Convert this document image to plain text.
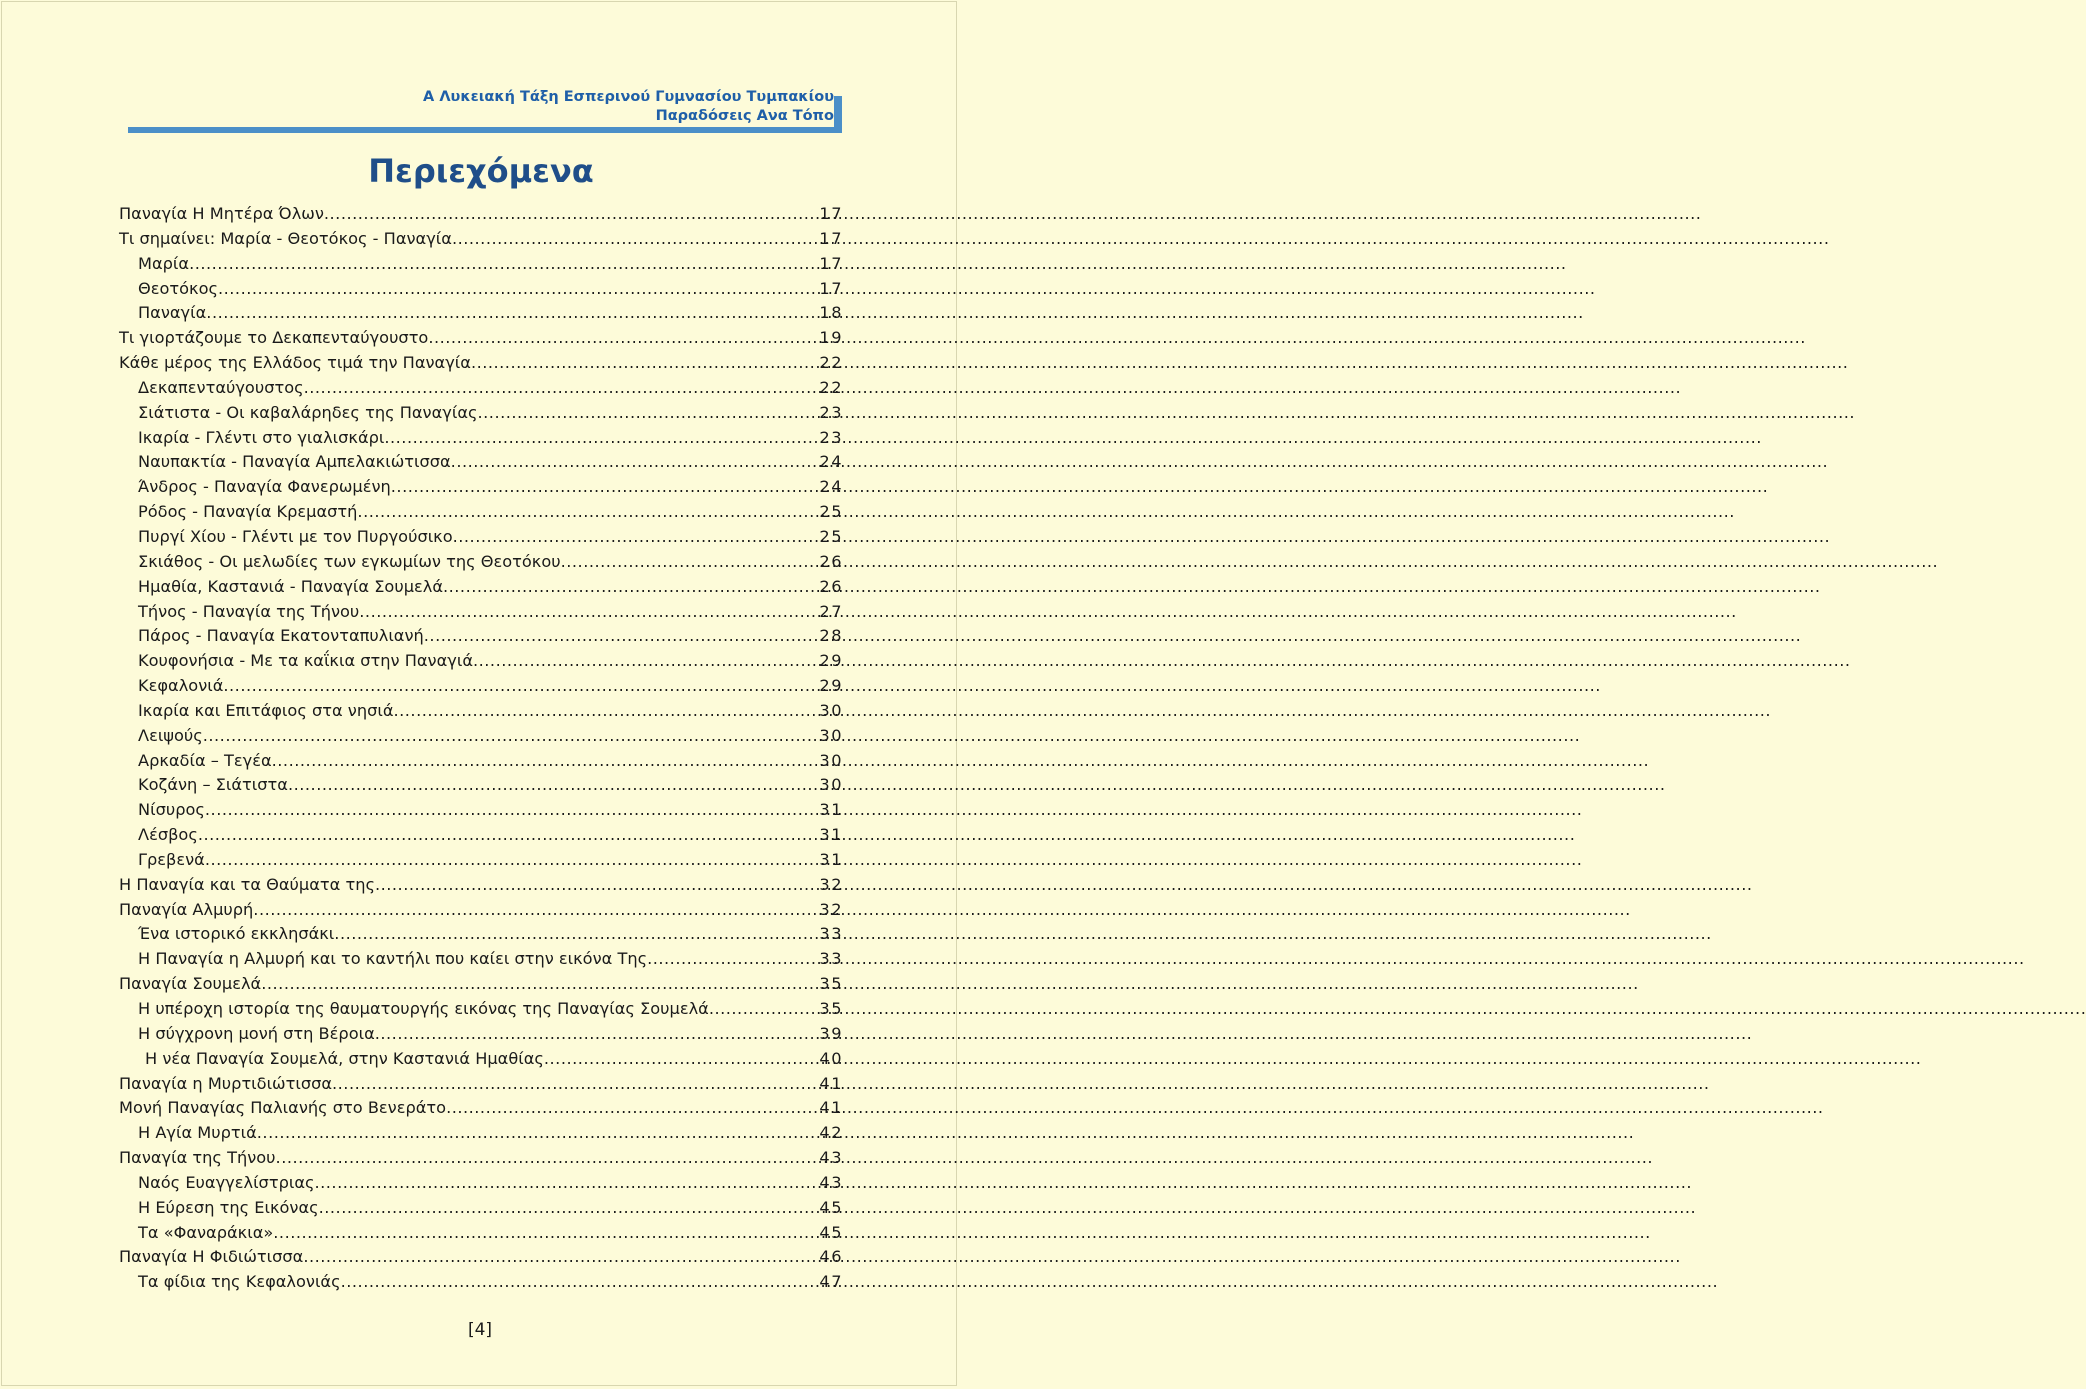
Α Λυκειακή Τάξη Εσπερινού Γυμνασίου Τυμπακίου
Παραδόσεις Ανα Τόπο
Περιεχόμενα
Παναγία Η Μητέρα Όλων .....	17
Τι σημαίνει: Μαρία - Θεοτόκος - Παναγία .....	17
Μαρία .....	17
Θεοτόκος .....	17
Παναγία .....	18
Τι γιορτάζουμε το Δεκαπενταύγουστο .....	19
Κάθε μέρος της Ελλάδος τιμά την Παναγία .....	22
Δεκαπενταύγουστος .....	22
Σιάτιστα - Οι καβαλάρηδες της Παναγίας .....	23
Ικαρία - Γλέντι στο γιαλισκάρι .....	23
Ναυπακτία - Παναγία Αμπελακιώτισσα .....	24
Άνδρος - Παναγία Φανερωμένη .....	24
Ρόδος - Παναγία Κρεμαστή .....	25
Πυργί Χίου - Γλέντι με τον Πυργούσικο .....	25
Σκιάθος - Οι μελωδίες των εγκωμίων της Θεοτόκου .....	26
Ημαθία, Καστανιά - Παναγία Σουμελά .....	26
Τήνος - Παναγία της Τήνου .....	27
Πάρος - Παναγία Εκατονταπυλιανή .....	28
Κουφονήσια - Με τα καΐκια στην Παναγιά .....	29
Κεφαλονιά .....	29
Ικαρία και Επιτάφιος στα νησιά .....	30
Λειψούς .....	30
Αρκαδία – Τεγέα .....	30
Κοζάνη – Σιάτιστα .....	30
Νίσυρος .....	31
Λέσβος .....	31
Γρεβενά .....	31
Η Παναγία και τα Θαύματα της .....	32
Παναγία Αλμυρή .....	32
Ένα ιστορικό εκκλησάκι .....	33
Η Παναγία η Αλμυρή και το καντήλι που καίει στην εικόνα Της .....	33
Παναγία Σουμελά .....	35
Η υπέροχη ιστορία της θαυματουργής εικόνας της Παναγίας Σουμελά .....	35
Η σύγχρονη μονή στη Βέροια .....	39
Η νέα Παναγία Σουμελά, στην Καστανιά Ημαθίας .....	40
Παναγία η Μυρτιδιώτισσα .....	41
Μονή Παναγίας Παλιανής στο Βενεράτο .....	41
Η Αγία Μυρτιά .....	42
Παναγία της Τήνου .....	43
Ναός Ευαγγελίστριας .....	43
Η Εύρεση της Εικόνας .....	45
Τα «Φαναράκια» .....	45
Παναγία Η Φιδιώτισσα .....	46
Τα φίδια της Κεφαλονιάς .....	47
[4]
